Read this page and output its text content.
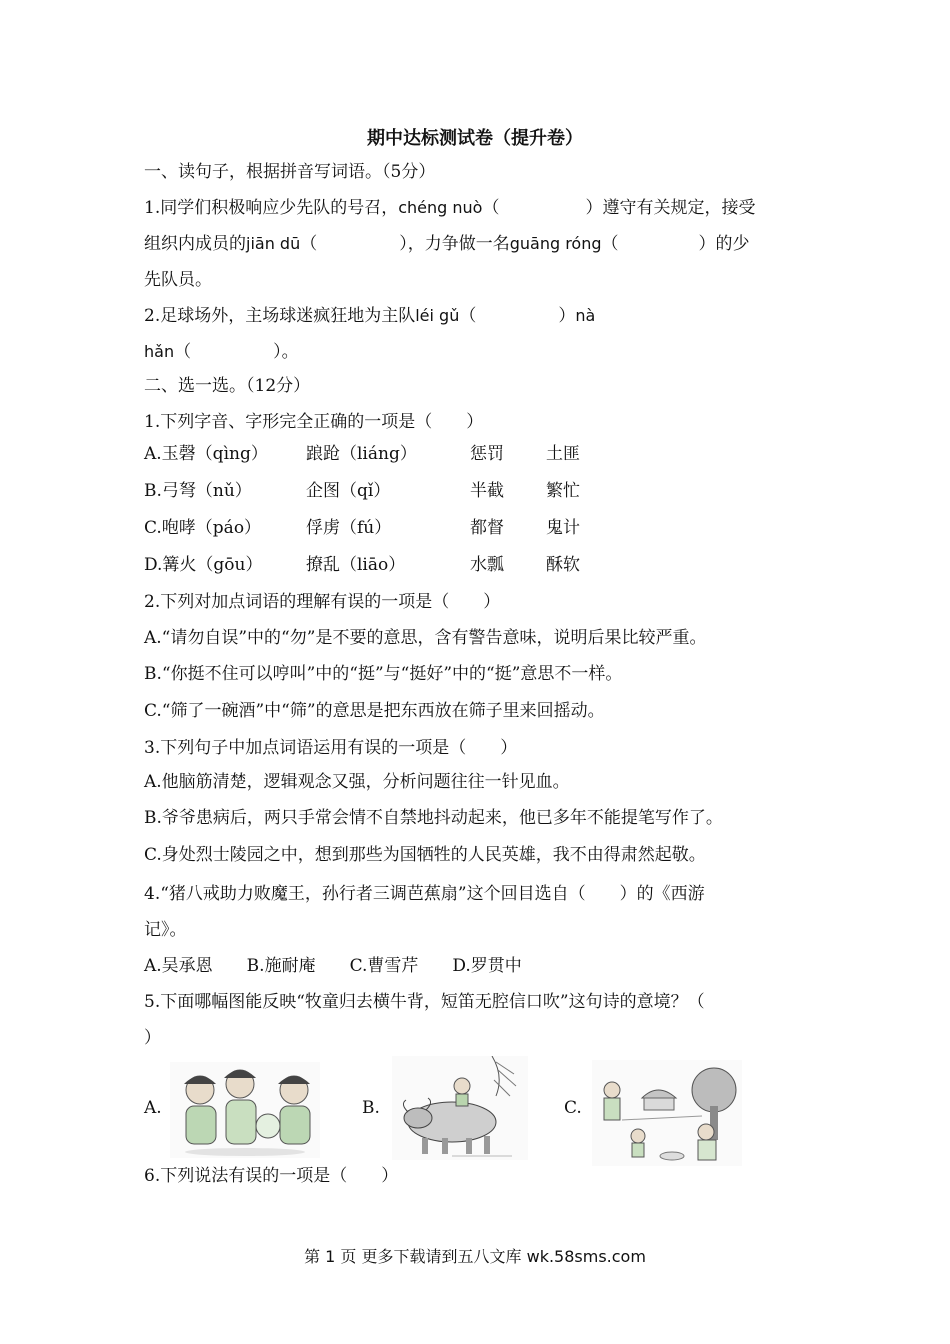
期中达标测试卷（提升卷）
一、读句子，根据拼音写词语。（5分）
1.同学们积极响应少先队的号召，chéng nuò（	）遵守有关规定，接受
组织内成员的jiān dū（	），力争做一名guāng róng（	）的少
先队员。
2.足球场外，主场球迷疯狂地为主队léi gǔ（	）nà
hǎn（	）。
二、选一选。（12分）
1.下列字音、字形完全正确的一项是（　　）
A.玉磬（qìng） 踉跄（liáng）	惩罚 土匪
B.弓弩（nǔ）	企图（qǐ）	半截 繁忙
C.咆哮（páo）	俘虏（fú）	都督 鬼计
D.篝火（gōu）	撩乱（liāo）	水瓢 酥软
2.下列对加点词语的理解有误的一项是（　　）
A.“请勿自误”中的“勿”是不要的意思，含有警告意味，说明后果比较严重。
B.“你挺不住可以哼叫”中的“挺”与“挺好”中的“挺”意思不一样。
C.“筛了一碗酒”中“筛”的意思是把东西放在筛子里来回摇动。
3.下列句子中加点词语运用有误的一项是（　　）
A.他脑筋清楚，逻辑观念又强，分析问题往往一针见血。
B.爷爷患病后，两只手常会情不自禁地抖动起来，他已多年不能提笔写作了。
C.身处烈士陵园之中，想到那些为国牺牲的人民英雄，我不由得肃然起敬。
4.“猪八戒助力败魔王，孙行者三调芭蕉扇”这个回目选自（　　）的《西游
记》。
A.吴承恩　　B.施耐庵　　C.曹雪芹　　D.罗贯中
5.下面哪幅图能反映“牧童归去横牛背，短笛无腔信口吹”这句诗的意境？（
）
A.	B.	C.
6.下列说法有误的一项是（　　）
第 1 页 更多下载请到五八文库 wk.58sms.com
